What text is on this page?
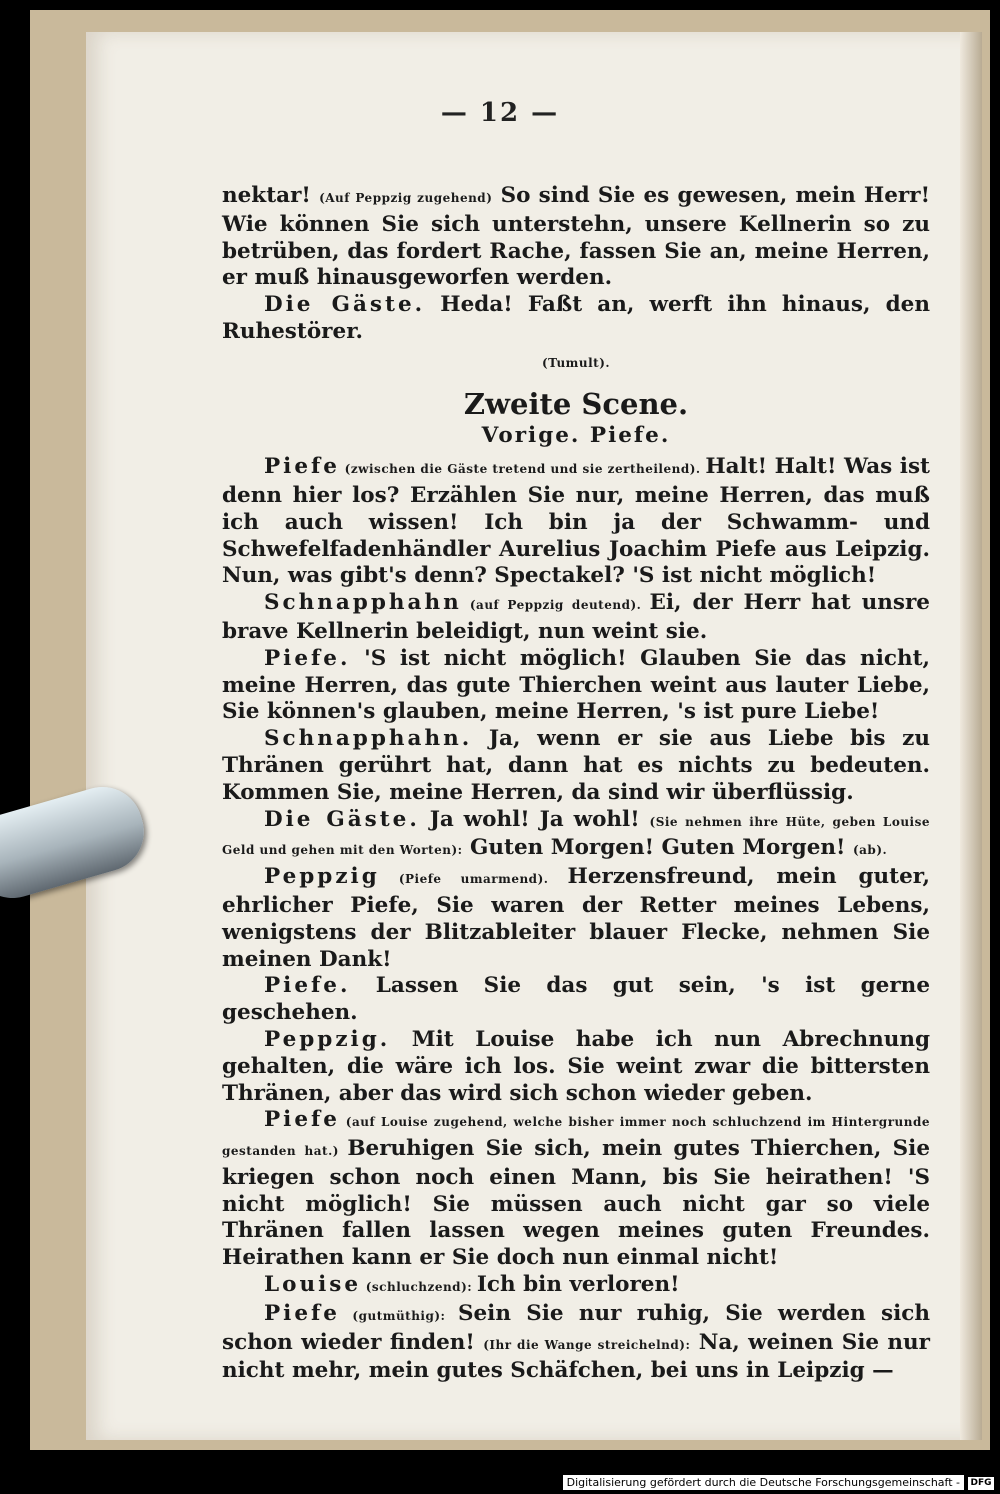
— 12 —

nektar! (Auf Peppzig zugehend) So sind Sie es gewesen, mein Herr! Wie können Sie sich unterstehn, unsere Kellnerin so zu betrüben, das fordert Rache, fassen Sie an, meine Herren, er muß hinausgeworfen werden.

Die Gäste. Heda! Faßt an, werft ihn hinaus, den Ruhestörer.

(Tumult).

Zweite Scene.

Vorige. Piefe.

Piefe (zwischen die Gäste tretend und sie zertheilend). Halt! Halt! Was ist denn hier los? Erzählen Sie nur, meine Herren, das muß ich auch wissen! Ich bin ja der Schwamm- und Schwefelfadenhändler Aurelius Joachim Piefe aus Leipzig. Nun, was gibt's denn? Spectakel? 'S ist nicht möglich!

Schnapphahn (auf Peppzig deutend). Ei, der Herr hat unsre brave Kellnerin beleidigt, nun weint sie.

Piefe. 'S ist nicht möglich! Glauben Sie das nicht, meine Herren, das gute Thierchen weint aus lauter Liebe, Sie können's glauben, meine Herren, 's ist pure Liebe!

Schnapphahn. Ja, wenn er sie aus Liebe bis zu Thränen gerührt hat, dann hat es nichts zu bedeuten. Kommen Sie, meine Herren, da sind wir überflüssig.

Die Gäste. Ja wohl! Ja wohl! (Sie nehmen ihre Hüte, geben Louise Geld und gehen mit den Worten): Guten Morgen! Guten Morgen! (ab).

Peppzig (Piefe umarmend). Herzensfreund, mein guter, ehrlicher Piefe, Sie waren der Retter meines Lebens, wenigstens der Blitzableiter blauer Flecke, nehmen Sie meinen Dank!

Piefe. Lassen Sie das gut sein, 's ist gerne geschehen.

Peppzig. Mit Louise habe ich nun Abrechnung gehalten, die wäre ich los. Sie weint zwar die bittersten Thränen, aber das wird sich schon wieder geben.

Piefe (auf Louise zugehend, welche bisher immer noch schluchzend im Hintergrunde gestanden hat.) Beruhigen Sie sich, mein gutes Thierchen, Sie kriegen schon noch einen Mann, bis Sie heirathen! 'S nicht möglich! Sie müssen auch nicht gar so viele Thränen fallen lassen wegen meines guten Freundes. Heirathen kann er Sie doch nun einmal nicht!

Louise (schluchzend): Ich bin verloren!

Piefe (gutmüthig): Sein Sie nur ruhig, Sie werden sich schon wieder finden! (Ihr die Wange streichelnd): Na, weinen Sie nur nicht mehr, mein gutes Schäfchen, bei uns in Leipzig —

Digitalisierung gefördert durch die Deutsche Forschungsgemeinschaft -	DFG
